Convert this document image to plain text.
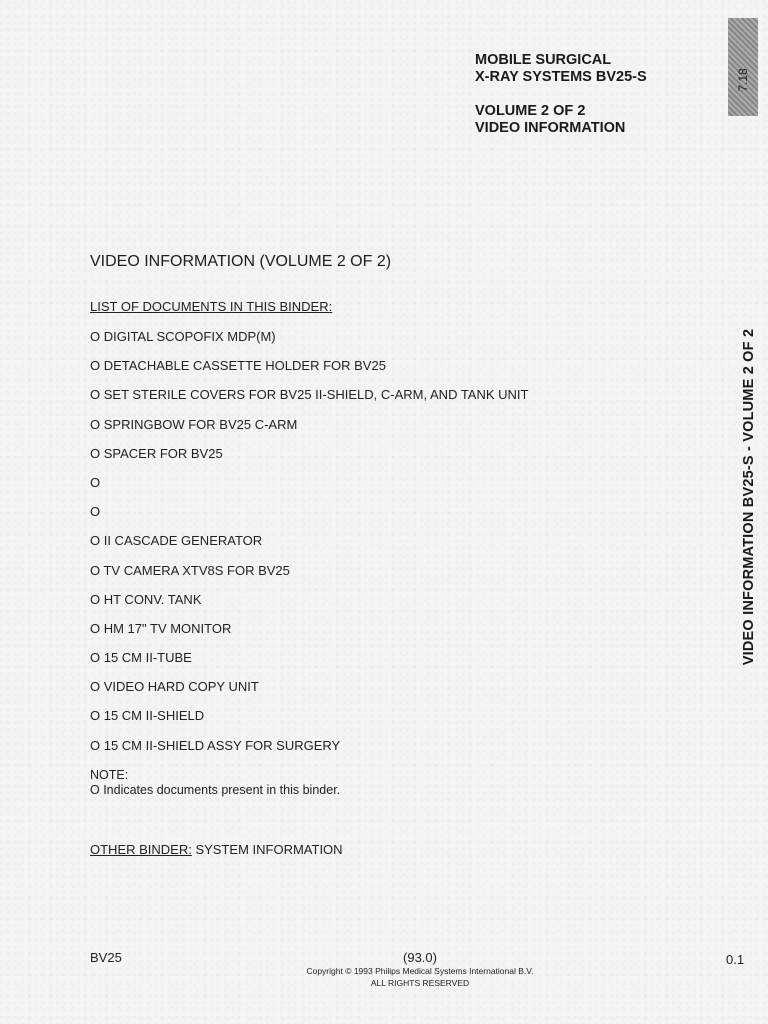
MOBILE SURGICAL
X-RAY SYSTEMS BV25-S
VOLUME 2 OF 2
VIDEO INFORMATION
7.18
VIDEO INFORMATION BV25-S - VOLUME 2 OF 2
VIDEO INFORMATION (VOLUME 2 OF 2)
LIST OF DOCUMENTS IN THIS BINDER:
O DIGITAL SCOPOFIX MDP(M)
O DETACHABLE CASSETTE HOLDER FOR BV25
O SET STERILE COVERS FOR BV25 II-SHIELD, C-ARM, AND TANK UNIT
O SPRINGBOW FOR BV25 C-ARM
O SPACER FOR BV25
O
O
O II CASCADE GENERATOR
O TV CAMERA XTV8S FOR BV25
O HT CONV. TANK
O HM 17" TV MONITOR
O 15 CM II-TUBE
O VIDEO HARD COPY UNIT
O 15 CM II-SHIELD
O 15 CM II-SHIELD ASSY FOR SURGERY
NOTE:
O Indicates documents present in this binder.
OTHER BINDER: SYSTEM INFORMATION
BV25	(93.0)
Copyright © 1993 Philips Medical Systems International B.V.
ALL RIGHTS RESERVED
0.1
